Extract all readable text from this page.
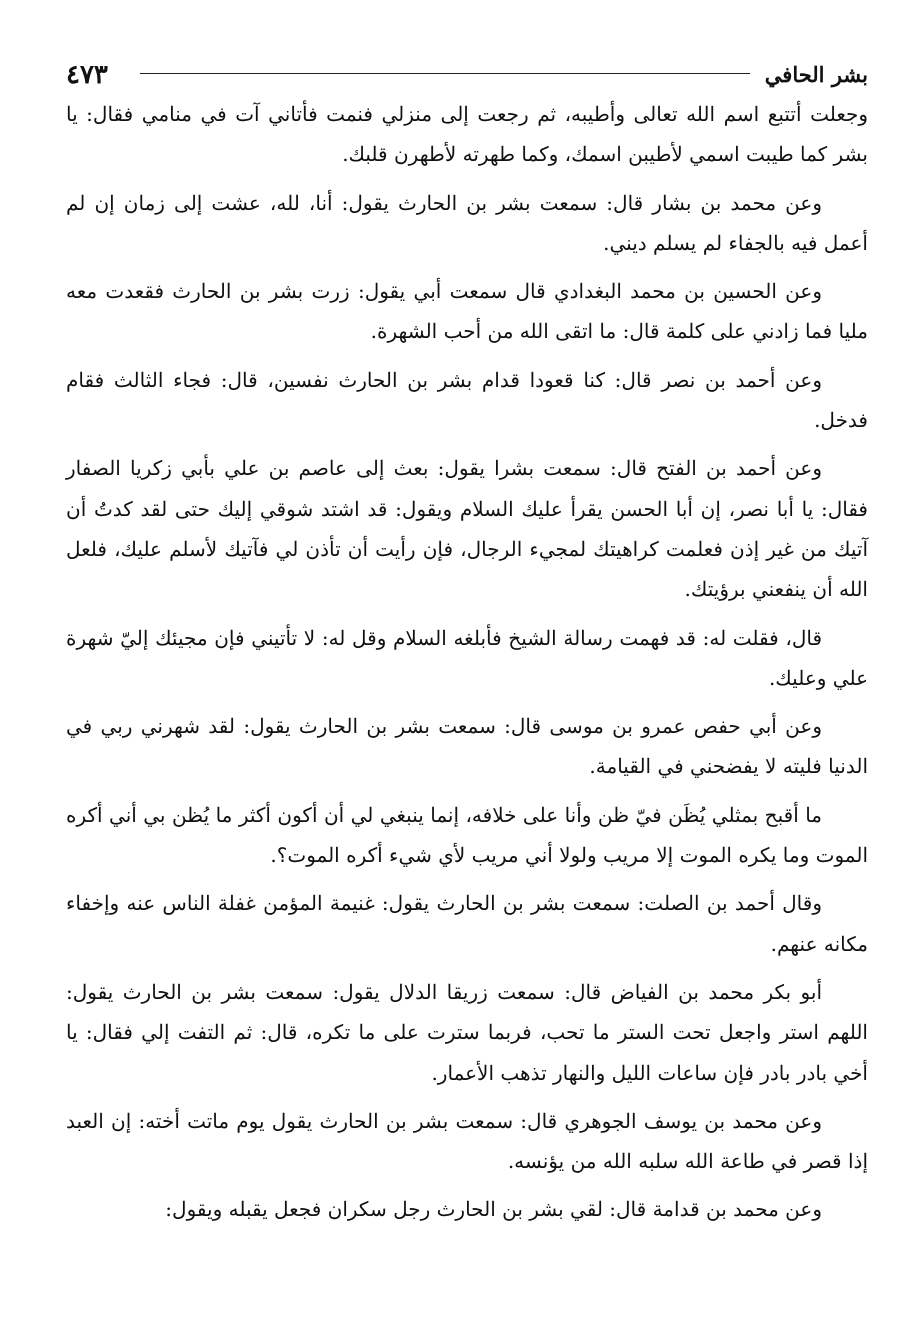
٤٧٣	بشر الحافي

وجعلت أتتبع اسم الله تعالى وأطيبه، ثم رجعت إلى منزلي فنمت فأتاني آت في منامي فقال: يا بشر كما طيبت اسمي لأطيبن اسمك، وكما طهرته لأطهرن قلبك.

وعن محمد بن بشار قال: سمعت بشر بن الحارث يقول: أنا، لله، عشت إلى زمان إن لم أعمل فيه بالجفاء لم يسلم ديني.

وعن الحسين بن محمد البغدادي قال سمعت أبي يقول: زرت بشر بن الحارث فقعدت معه مليا فما زادني على كلمة قال: ما اتقى الله من أحب الشهرة.

وعن أحمد بن نصر قال: كنا قعودا قدام بشر بن الحارث نفسين، قال: فجاء الثالث فقام فدخل.

وعن أحمد بن الفتح قال: سمعت بشرا يقول: بعث إلى عاصم بن علي بأبي زكريا الصفار فقال: يا أبا نصر، إن أبا الحسن يقرأ عليك السلام ويقول: قد اشتد شوقي إليك حتى لقد كدتُ أن آتيك من غير إذن فعلمت كراهيتك لمجيء الرجال، فإن رأيت أن تأذن لي فآتيك لأسلم عليك، فلعل الله أن ينفعني برؤيتك.

قال، فقلت له: قد فهمت رسالة الشيخ فأبلغه السلام وقل له: لا تأتيني فإن مجيئك إليّ شهرة علي وعليك.

وعن أبي حفص عمرو بن موسى قال: سمعت بشر بن الحارث يقول: لقد شهرني ربي في الدنيا فليته لا يفضحني في القيامة.

ما أقبح بمثلي يُظَن فيّ ظن وأنا على خلافه، إنما ينبغي لي أن أكون أكثر ما يُظن بي أني أكره الموت وما يكره الموت إلا مريب ولولا أني مريب لأي شيء أكره الموت؟.

وقال أحمد بن الصلت: سمعت بشر بن الحارث يقول: غنيمة المؤمن غفلة الناس عنه وإخفاء مكانه عنهم.

أبو بكر محمد بن الفياض قال: سمعت زريقا الدلال يقول: سمعت بشر بن الحارث يقول: اللهم استر واجعل تحت الستر ما تحب، فربما سترت على ما تكره، قال: ثم التفت إلي فقال: يا أخي بادر بادر فإن ساعات الليل والنهار تذهب الأعمار.

وعن محمد بن يوسف الجوهري قال: سمعت بشر بن الحارث يقول يوم ماتت أخته: إن العبد إذا قصر في طاعة الله سلبه الله من يؤنسه.

وعن محمد بن قدامة قال: لقي بشر بن الحارث رجل سكران فجعل يقبله ويقول:
